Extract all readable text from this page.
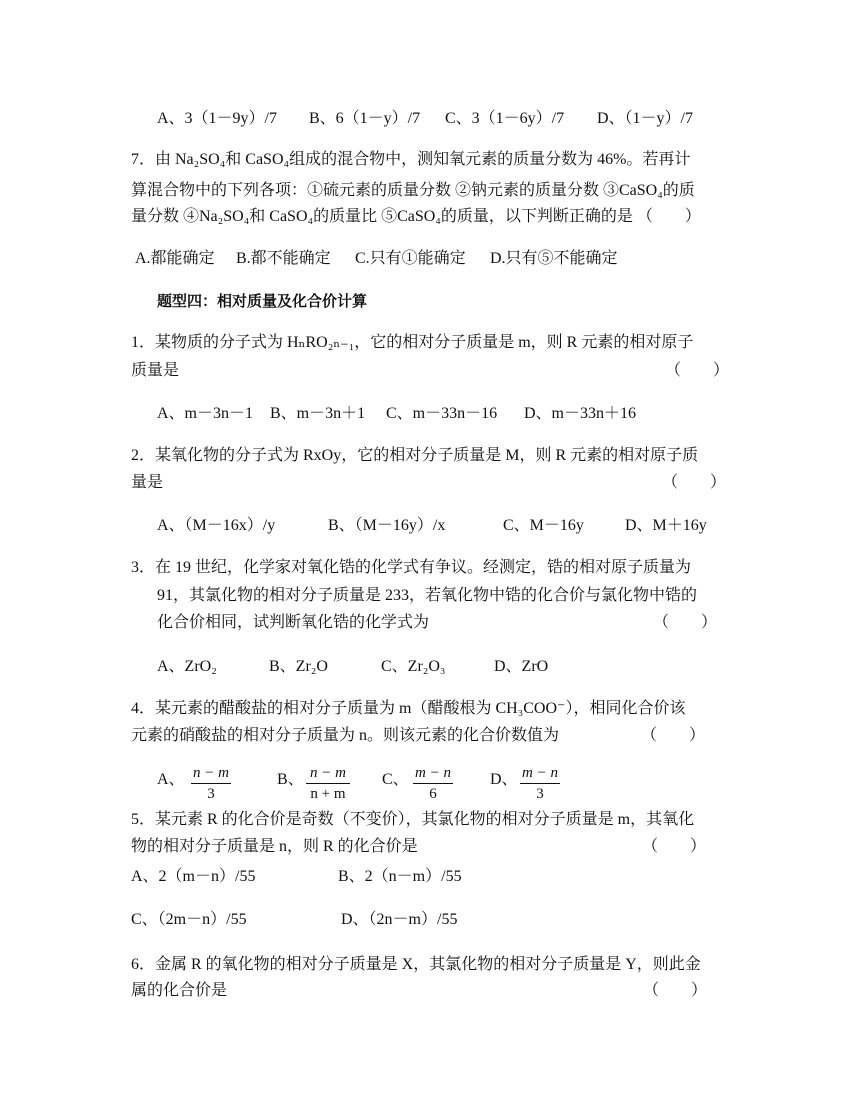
A、3（1－9y）/7 B、6（1－y）/7 C、3（1－6y）/7 D、（1－y）/7
7．由 Na₂SO₄和 CaSO₄组成的混合物中，测知氧元素的质量分数为 46%。若再计
算混合物中的下列各项：①硫元素的质量分数 ②钠元素的质量分数 ③CaSO₄的质
量分数 ④Na₂SO₄和 CaSO₄的质量比 ⑤CaSO₄的质量，以下判断正确的是 （　　）
A.都能确定 B.都不能确定 C.只有①能确定 D.只有⑤不能确定
题型四：相对质量及化合价计算
1．某物质的分子式为 HₙRO₂ₙ₋₁，它的相对分子质量是 m，则 R 元素的相对原子
质量是	（　　）
A、m－3n－1 B、m－3n＋1 C、m－33n－16 D、m－33n＋16
2．某氧化物的分子式为 RxOy，它的相对分子质量是 M，则 R 元素的相对原子质
量是	（　　）
A、（M－16x）/y	B、（M－16y）/x	C、M－16y	D、M＋16y
3．在 19 世纪，化学家对氧化锆的化学式有争议。经测定，锆的相对原子质量为
91，其氯化物的相对分子质量是 233，若氧化物中锆的化合价与氯化物中锆的
化合价相同，试判断氧化锆的化学式为	（　　）
A、ZrO₂	B、Zr₂O	C、Zr₂O₃	D、ZrO
4．某元素的醋酸盐的相对分子质量为 m（醋酸根为 CH₃COO⁻），相同化合价该
元素的硝酸盐的相对分子质量为 n。则该元素的化合价数值为	（　　）
A、 $\frac{n - m}{3}$	B、 $\frac{n - m}{n + m}$ C、 $\frac{m - n}{6}$ D、 $\frac{m - n}{3}$
5．某元素 R 的化合价是奇数（不变价），其氯化物的相对分子质量是 m，其氧化
物的相对分子质量是 n，则 R 的化合价是	（　　）
A、2（m－n）/55	B、2（n－m）/55
C、（2m－n）/55	D、（2n－m）/55
6．金属 R 的氧化物的相对分子质量是 X，其氯化物的相对分子质量是 Y，则此金
属的化合价是	（　　）
